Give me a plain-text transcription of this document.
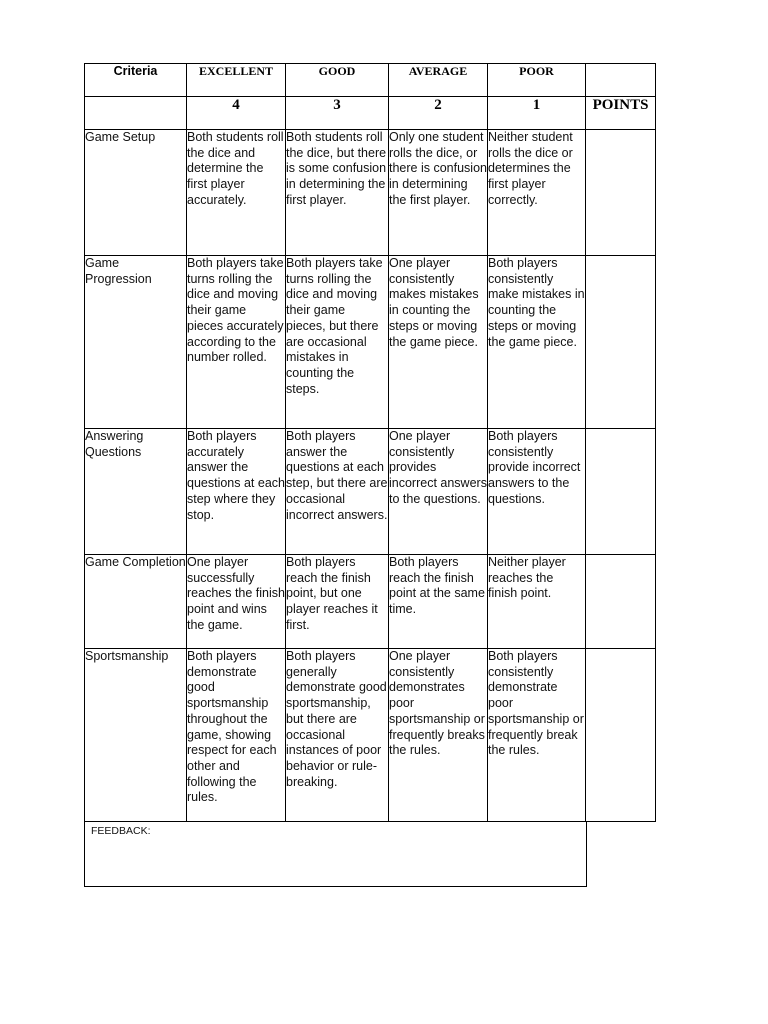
Criteria	EXCELLENT	GOOD	AVERAGE	POOR	
	4	3	2	1	POINTS
Game Setup	Both students roll the dice and determine the first player accurately.	Both students roll the dice, but there is some confusion in determining the first player.	Only one student rolls the dice, or there is confusion in determining the first player.	Neither student rolls the dice or determines the first player correctly.	
Game Progression	Both players take turns rolling the dice and moving their game pieces accurately according to the number rolled.	Both players take turns rolling the dice and moving their game pieces, but there are occasional mistakes in counting the steps.	One player consistently makes mistakes in counting the steps or moving the game piece.	Both players consistently make mistakes in counting the steps or moving the game piece.	
Answering Questions	Both players accurately answer the questions at each step where they stop.	Both players answer the questions at each step, but there are occasional incorrect answers.	One player consistently provides incorrect answers to the questions.	Both players consistently provide incorrect answers to the questions.	
Game Completion	One player successfully reaches the finish point and wins the game.	Both players reach the finish point, but one player reaches it first.	Both players reach the finish point at the same time.	Neither player reaches the finish point.	
Sportsmanship	Both players demonstrate good sportsmanship throughout the game, showing respect for each other and following the rules.	Both players generally demonstrate good sportsmanship, but there are occasional instances of poor behavior or rule-breaking.	One player consistently demonstrates poor sportsmanship or frequently breaks the rules.	Both players consistently demonstrate poor sportsmanship or frequently break the rules.	
FEEDBACK:
